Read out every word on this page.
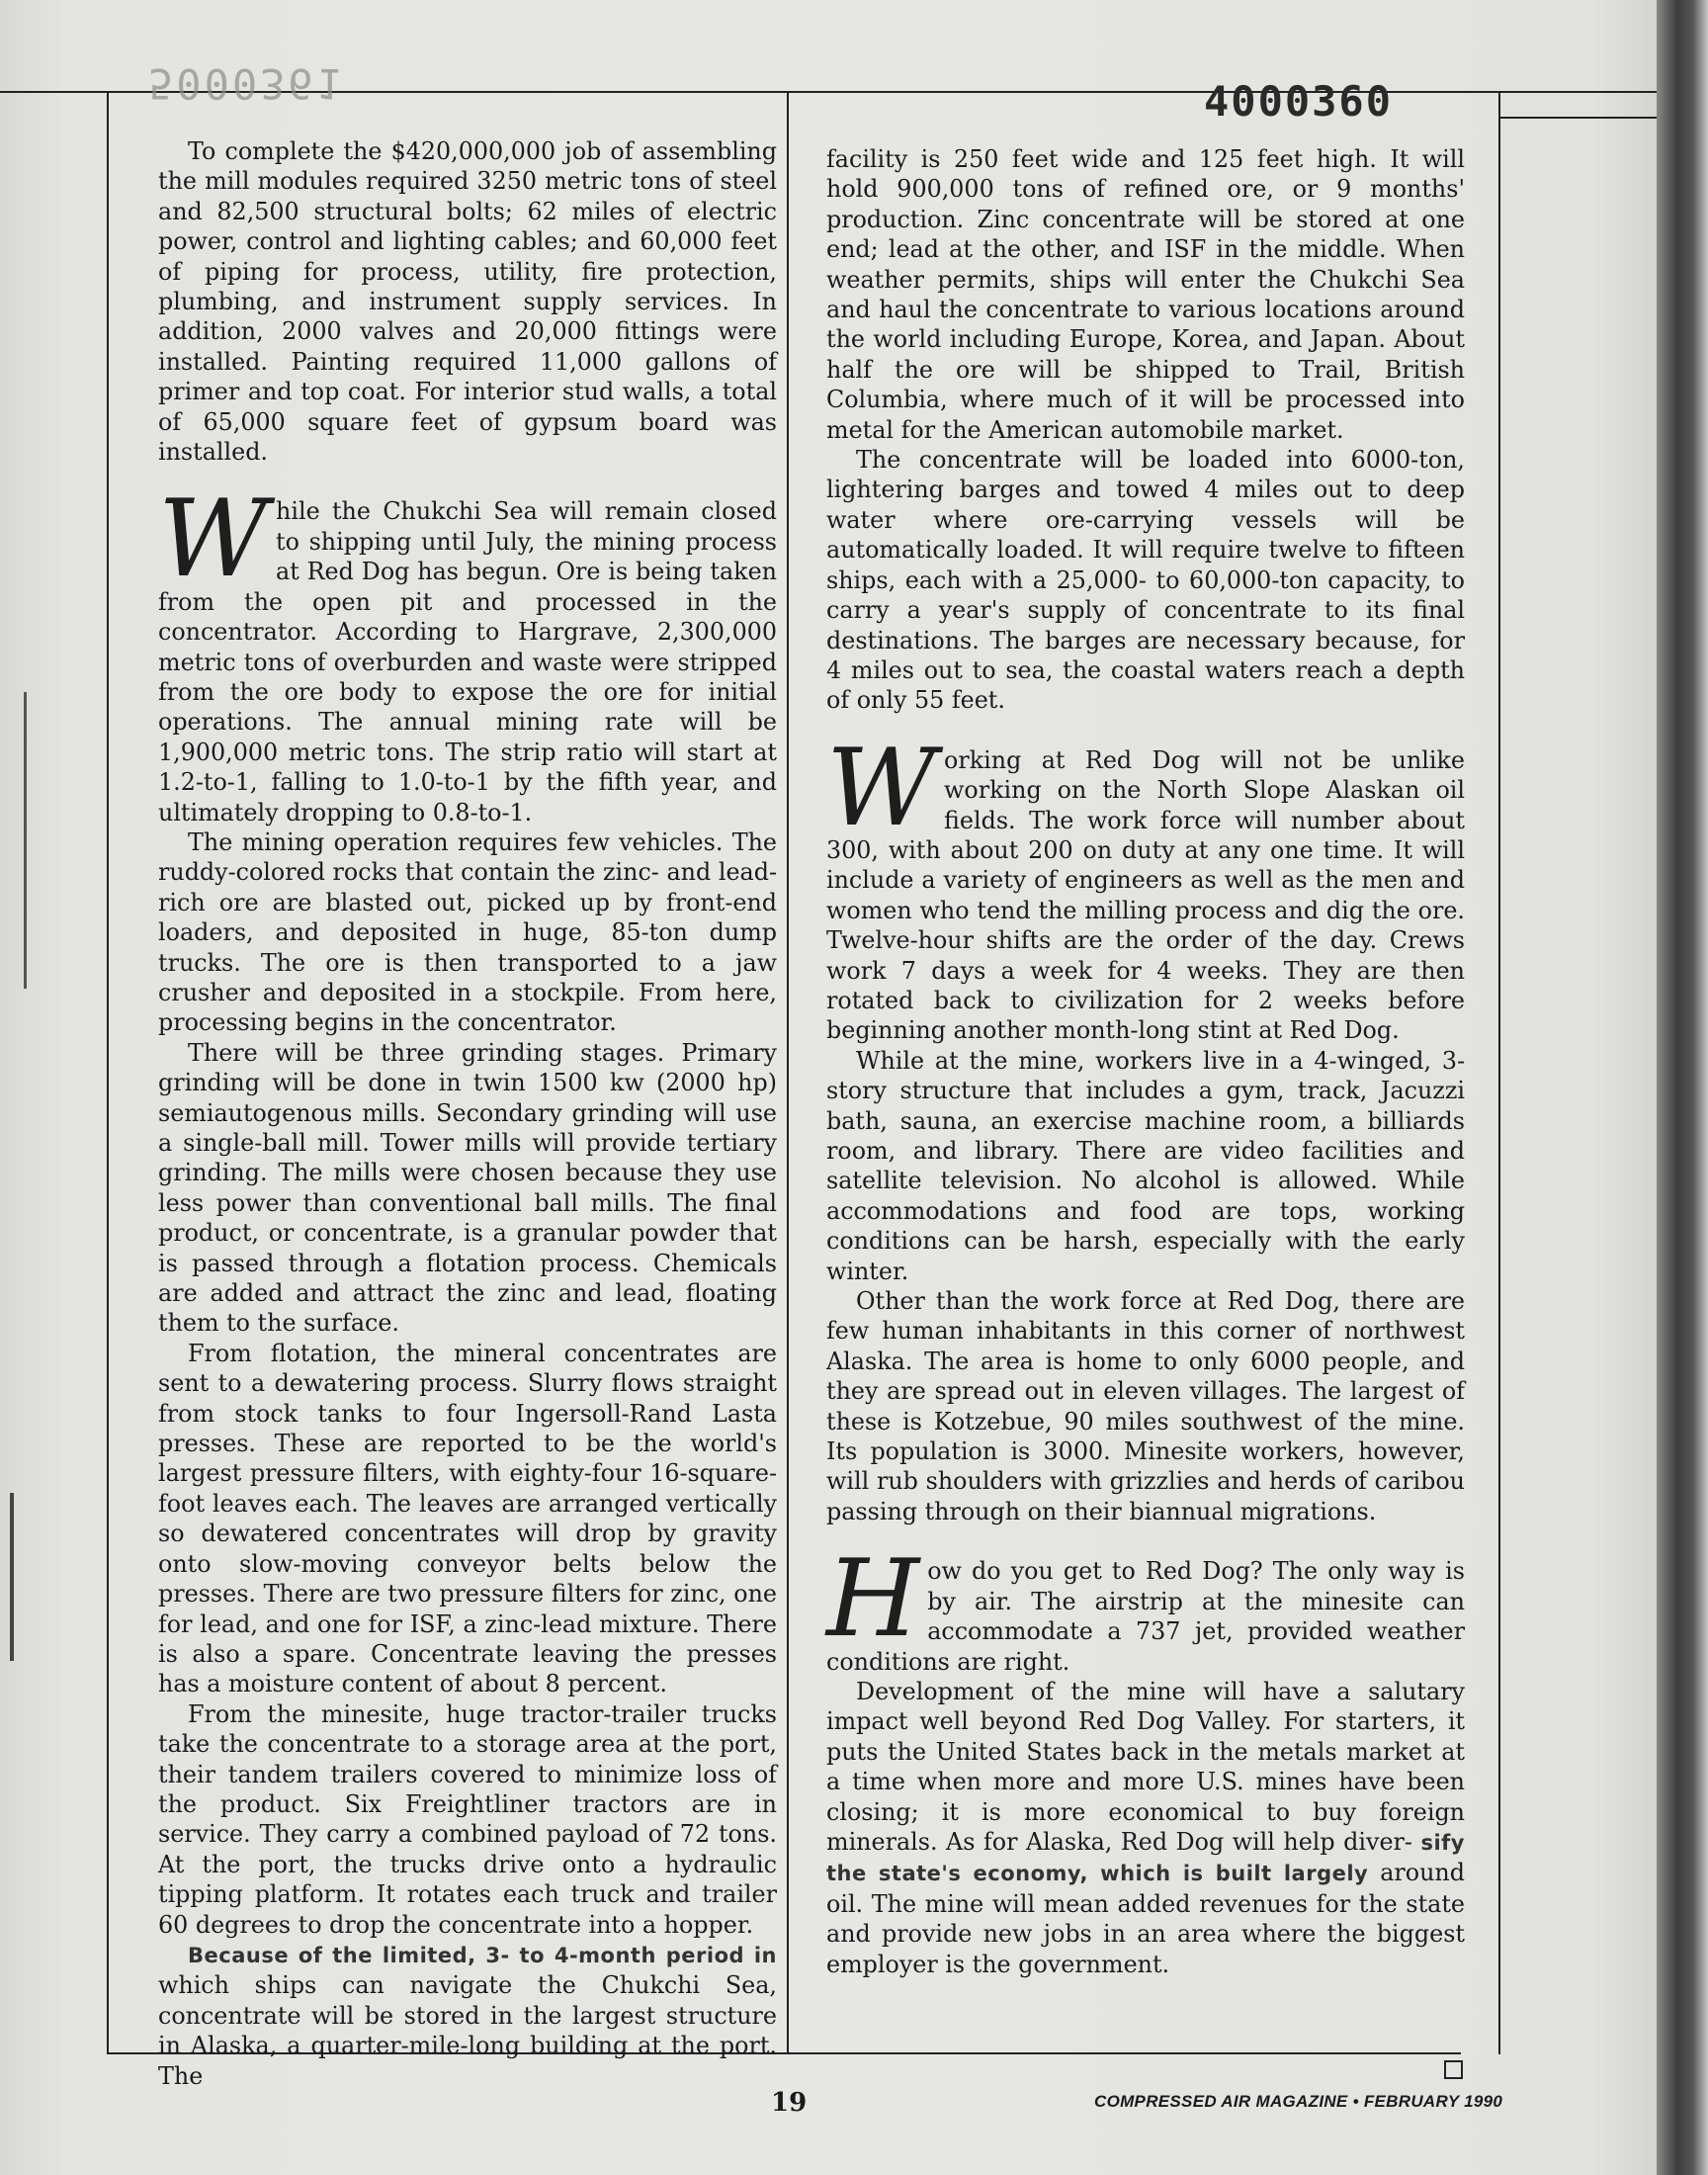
5000361	4000360

To complete the $420,000,000 job of assembling the mill modules required 3250 metric tons of steel and 82,500 structural bolts; 62 miles of electric power, control and lighting cables; and 60,000 feet of piping for process, utility, fire protection, plumbing, and instrument supply services. In addition, 2000 valves and 20,000 fittings were installed. Painting required 11,000 gallons of primer and top coat. For interior stud walls, a total of 65,000 square feet of gypsum board was installed.

While the Chukchi Sea will remain closed to shipping until July, the mining process at Red Dog has begun. Ore is being taken from the open pit and processed in the concentrator. According to Hargrave, 2,300,000 metric tons of overburden and waste were stripped from the ore body to expose the ore for initial operations. The annual mining rate will be 1,900,000 metric tons. The strip ratio will start at 1.2-to-1, falling to 1.0-to-1 by the fifth year, and ultimately dropping to 0.8-to-1.

The mining operation requires few vehicles. The ruddy-colored rocks that contain the zinc- and lead-rich ore are blasted out, picked up by front-end loaders, and deposited in huge, 85-ton dump trucks. The ore is then transported to a jaw crusher and deposited in a stockpile. From here, processing begins in the concentrator.

There will be three grinding stages. Primary grinding will be done in twin 1500 kw (2000 hp) semiautogenous mills. Secondary grinding will use a single-ball mill. Tower mills will provide tertiary grinding. The mills were chosen because they use less power than conventional ball mills. The final product, or concentrate, is a granular powder that is passed through a flotation process. Chemicals are added and attract the zinc and lead, floating them to the surface.

From flotation, the mineral concentrates are sent to a dewatering process. Slurry flows straight from stock tanks to four Ingersoll-Rand Lasta presses. These are reported to be the world's largest pressure filters, with eighty-four 16-square-foot leaves each. The leaves are arranged vertically so dewatered concentrates will drop by gravity onto slow-moving conveyor belts below the presses. There are two pressure filters for zinc, one for lead, and one for ISF, a zinc-lead mixture. There is also a spare. Concentrate leaving the presses has a moisture content of about 8 percent.

From the minesite, huge tractor-trailer trucks take the concentrate to a storage area at the port, their tandem trailers covered to minimize loss of the product. Six Freightliner tractors are in service. They carry a combined payload of 72 tons. At the port, the trucks drive onto a hydraulic tipping platform. It rotates each truck and trailer 60 degrees to drop the concentrate into a hopper.

Because of the limited, 3- to 4-month period in which ships can navigate the Chukchi Sea, concentrate will be stored in the largest structure in Alaska, a quarter-mile-long building at the port. The

facility is 250 feet wide and 125 feet high. It will hold 900,000 tons of refined ore, or 9 months' production. Zinc concentrate will be stored at one end; lead at the other, and ISF in the middle. When weather permits, ships will enter the Chukchi Sea and haul the concentrate to various locations around the world including Europe, Korea, and Japan. About half the ore will be shipped to Trail, British Columbia, where much of it will be processed into metal for the American automobile market.

The concentrate will be loaded into 6000-ton, lightering barges and towed 4 miles out to deep water where ore-carrying vessels will be automatically loaded. It will require twelve to fifteen ships, each with a 25,000- to 60,000-ton capacity, to carry a year's supply of concentrate to its final destinations. The barges are necessary because, for 4 miles out to sea, the coastal waters reach a depth of only 55 feet.

Working at Red Dog will not be unlike working on the North Slope Alaskan oil fields. The work force will number about 300, with about 200 on duty at any one time. It will include a variety of engineers as well as the men and women who tend the milling process and dig the ore. Twelve-hour shifts are the order of the day. Crews work 7 days a week for 4 weeks. They are then rotated back to civilization for 2 weeks before beginning another month-long stint at Red Dog.

While at the mine, workers live in a 4-winged, 3-story structure that includes a gym, track, Jacuzzi bath, sauna, an exercise machine room, a billiards room, and library. There are video facilities and satellite television. No alcohol is allowed. While accommodations and food are tops, working conditions can be harsh, especially with the early winter.

Other than the work force at Red Dog, there are few human inhabitants in this corner of northwest Alaska. The area is home to only 6000 people, and they are spread out in eleven villages. The largest of these is Kotzebue, 90 miles southwest of the mine. Its population is 3000. Minesite workers, however, will rub shoulders with grizzlies and herds of caribou passing through on their biannual migrations.

How do you get to Red Dog? The only way is by air. The airstrip at the minesite can accommodate a 737 jet, provided weather conditions are right.

Development of the mine will have a salutary impact well beyond Red Dog Valley. For starters, it puts the United States back in the metals market at a time when more and more U.S. mines have been closing; it is more economical to buy foreign minerals. As for Alaska, Red Dog will help diver- sify the state's economy, which is built largely around oil. The mine will mean added revenues for the state and provide new jobs in an area where the biggest employer is the government.

19	COMPRESSED AIR MAGAZINE • FEBRUARY 1990
